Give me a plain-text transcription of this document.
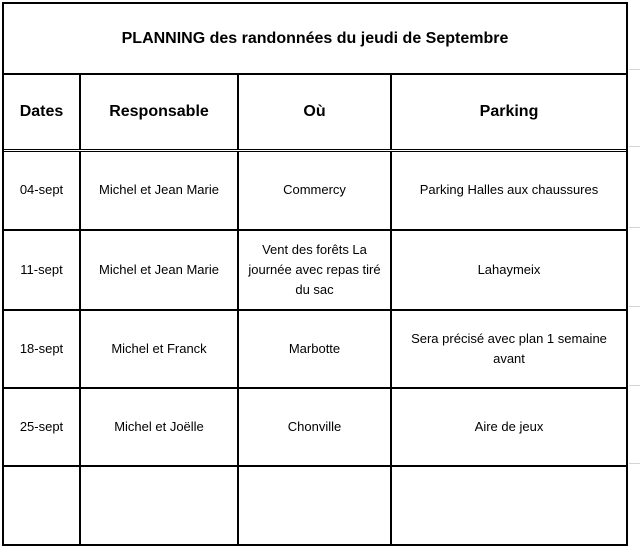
PLANNING des randonnées du jeudi de Septembre
Dates	Responsable	Où	Parking
04-sept	Michel et Jean Marie	Commercy	Parking Halles aux chaussures
11-sept	Michel et Jean Marie	Vent des forêts La journée avec repas tiré du sac	Lahaymeix
18-sept	Michel et Franck	Marbotte	Sera précisé avec plan 1 semaine avant
25-sept	Michel et Joëlle	Chonville	Aire de jeux
